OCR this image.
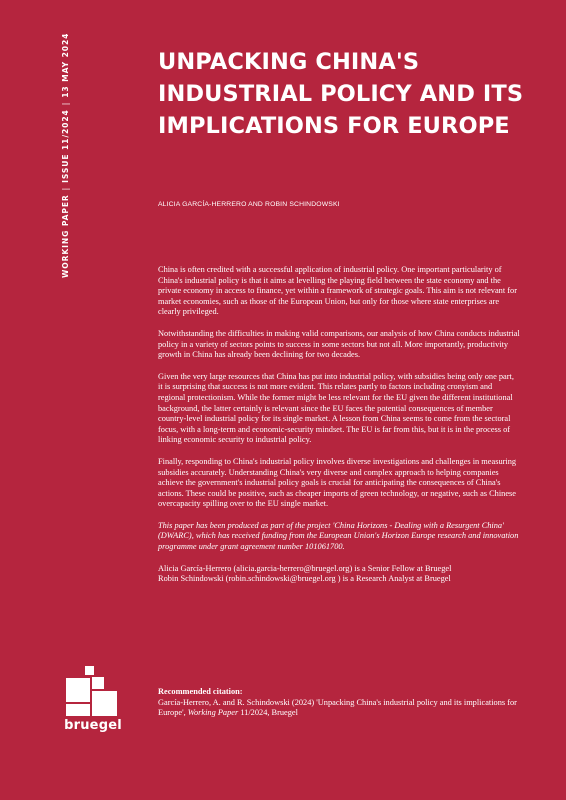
WORKING PAPER|ISSUE 11/2024|13 MAY 2024	UNPACKING CHINA'S
INDUSTRIAL POLICY AND ITS
IMPLICATIONS FOR EUROPE
ALICIA GARCÍA-HERRERO AND ROBIN SCHINDOWSKI

China is often credited with a successful application of industrial policy. One important particularity of China's industrial policy is that it aims at levelling the playing field between the state economy and the private economy in access to finance, yet within a framework of strategic goals. This aim is not relevant for market economies, such as those of the European Union, but only for those where state enterprises are clearly privileged.

Notwithstanding the difficulties in making valid comparisons, our analysis of how China conducts industrial policy in a variety of sectors points to success in some sectors but not all. More importantly, productivity growth in China has already been declining for two decades.

Given the very large resources that China has put into industrial policy, with subsidies being only one part, it is surprising that success is not more evident. This relates partly to factors including cronyism and regional protectionism. While the former might be less relevant for the EU given the different institutional background, the latter certainly is relevant since the EU faces the potential consequences of member country-level industrial policy for its single market. A lesson from China seems to come from the sectoral focus, with a long-term and economic-security mindset. The EU is far from this, but it is in the process of linking economic security to industrial policy.

Finally, responding to China's industrial policy involves diverse investigations and challenges in measuring subsidies accurately. Understanding China's very diverse and complex approach to helping companies achieve the government's industrial policy goals is crucial for anticipating the consequences of China's actions. These could be positive, such as cheaper imports of green technology, or negative, such as Chinese overcapacity spilling over to the EU single market.

This paper has been produced as part of the project 'China Horizons - Dealing with a Resurgent China' (DWARC), which has received funding from the European Union's Horizon Europe research and innovation programme under grant agreement number 101061700.

Alicia García-Herrero (alicia.garcia-herrero@bruegel.org) is a Senior Fellow at Bruegel
Robin Schindowski (robin.schindowski@bruegel.org ) is a Research Analyst at Bruegel

bruegel
Recommended citation:
García-Herrero, A. and R. Schindowski (2024) 'Unpacking China's industrial policy and its implications for Europe', Working Paper 11/2024, Bruegel
